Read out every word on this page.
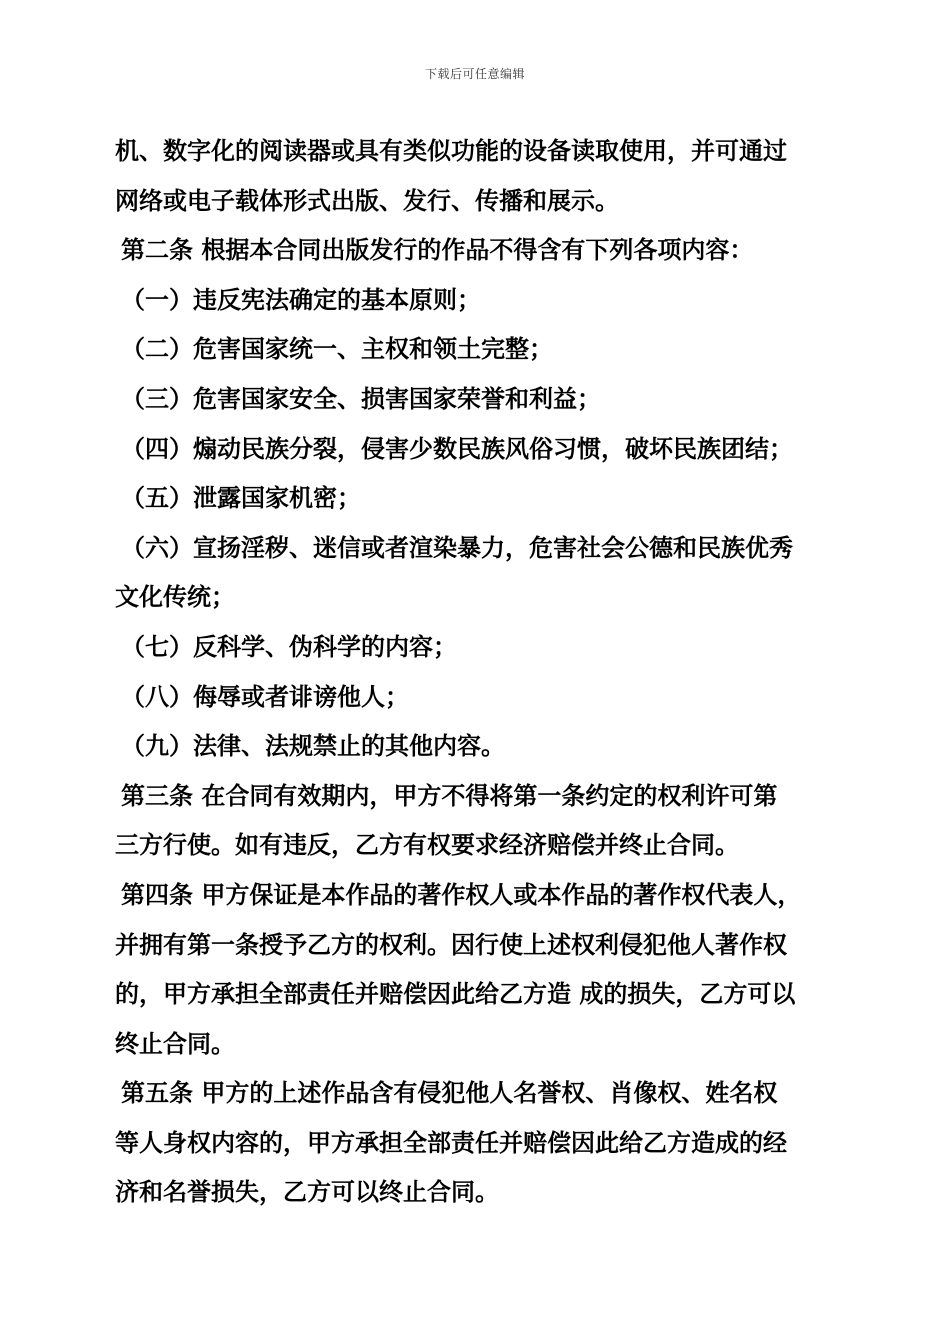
下载后可任意编辑
机、数字化的阅读器或具有类似功能的设备读取使用，并可通过
网络或电子载体形式出版、发行、传播和展示。
第二条 根据本合同出版发行的作品不得含有下列各项内容：
（一）违反宪法确定的基本原则；
（二）危害国家统一、主权和领土完整；
（三）危害国家安全、损害国家荣誉和利益；
（四）煽动民族分裂，侵害少数民族风俗习惯，破坏民族团结；
（五）泄露国家机密；
（六）宣扬淫秽、迷信或者渲染暴力，危害社会公德和民族优秀
文化传统；
（七）反科学、伪科学的内容；
（八）侮辱或者诽谤他人；
（九）法律、法规禁止的其他内容。
第三条 在合同有效期内，甲方不得将第一条约定的权利许可第
三方行使。如有违反，乙方有权要求经济赔偿并终止合同。
第四条 甲方保证是本作品的著作权人或本作品的著作权代表人，
并拥有第一条授予乙方的权利。因行使上述权利侵犯他人著作权
的，甲方承担全部责任并赔偿因此给乙方造 成的损失，乙方可以
终止合同。
第五条 甲方的上述作品含有侵犯他人名誉权、肖像权、姓名权
等人身权内容的，甲方承担全部责任并赔偿因此给乙方造成的经
济和名誉损失，乙方可以终止合同。
